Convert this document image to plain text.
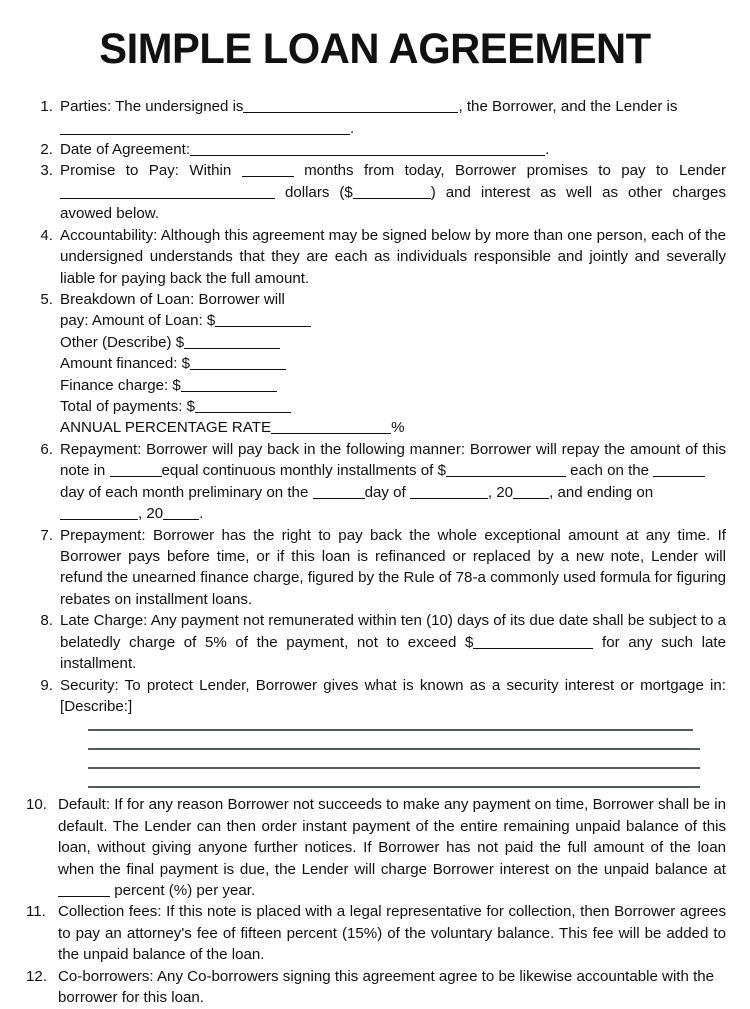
SIMPLE LOAN AGREEMENT
1. Parties: The undersigned is	, the Borrower, and the Lender is

.

2. Date of Agreement:	.

3. Promise to Pay: Within	months from today, Borrower promises to pay to Lender dollars ($	) and interest as well as other charges avowed below.

4. Accountability: Although this agreement may be signed below by more than one person, each of the undersigned understands that they are each as individuals responsible and jointly and severally liable for paying back the full amount.

5. Breakdown of Loan: Borrower will

pay: Amount of Loan: $

Other (Describe) $

Amount financed: $

Finance charge: $

Total of payments: $

ANNUAL PERCENTAGE RATE	%

6. Repayment: Borrower will pay back in the following manner: Borrower will repay the amount of this note in	equal continuous monthly installments of $	each on the

day of each month preliminary on the	day of	, 20 , and ending on

, 20 .

7. Prepayment: Borrower has the right to pay back the whole exceptional amount at any time. If Borrower pays before time, or if this loan is refinanced or replaced by a new note, Lender will refund the unearned finance charge, figured by the Rule of 78-a commonly used formula for figuring rebates on installment loans.

8. Late Charge: Any payment not remunerated within ten (10) days of its due date shall be subject to a belatedly charge of 5% of the payment, not to exceed $	for any such late installment.

9. Security: To protect Lender, Borrower gives what is known as a security interest or mortgage in: [Describe:]

10. Default: If for any reason Borrower not succeeds to make any payment on time, Borrower shall be in default. The Lender can then order instant payment of the entire remaining unpaid balance of this loan, without giving anyone further notices. If Borrower has not paid the full amount of the loan when the final payment is due, the Lender will charge Borrower interest on the unpaid balance at  percent (%) per year.

11. Collection fees: If this note is placed with a legal representative for collection, then Borrower agrees to pay an attorney's fee of fifteen percent (15%) of the voluntary balance. This fee will be added to the unpaid balance of the loan.

12. Co-borrowers: Any Co-borrowers signing this agreement agree to be likewise accountable with the borrower for this loan.
